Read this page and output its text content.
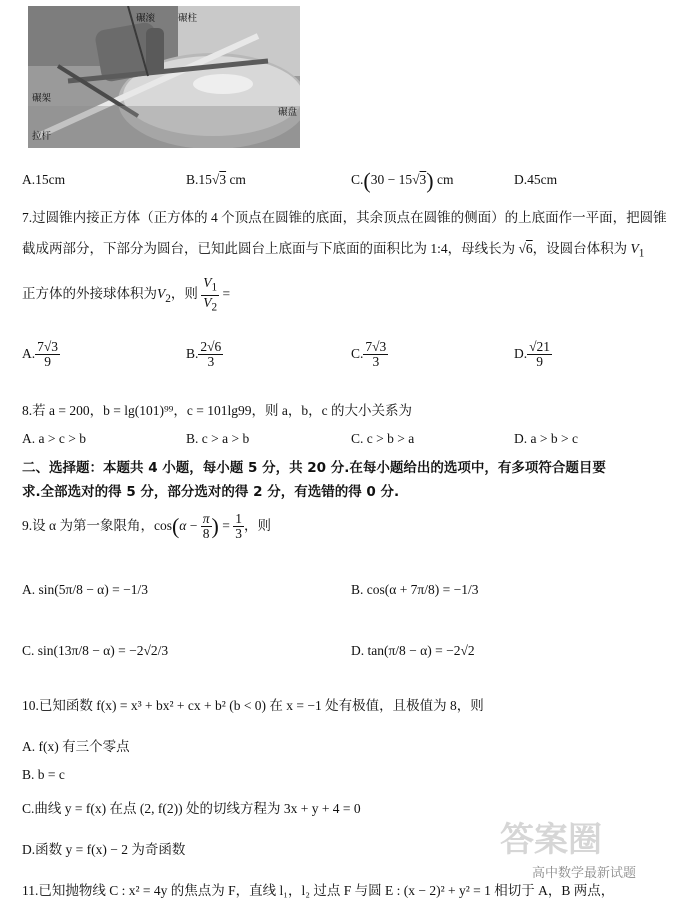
碾滚 碾柱
碾架
拉杆
碾盘
A.15cm	B.15√3 cm	C.(30 − 15√3) cm	D.45cm
7.过圆锥内接正方体（正方体的 4 个顶点在圆锥的底面，其余顶点在圆锥的侧面）的上底面作一平面，把圆锥
截成两部分，下部分为圆台，已知此圆台上底面与下底面的面积比为 1:4，母线长为 √6，设圆台体积为 $V_1$
正方体的外接球体积为$V_2$，则 $\frac{V_1}{V_2}$ =
A. $\frac{7√3}{9}$	B. $\frac{2√6}{3}$	C. $\frac{7√3}{3}$	D. $\frac{√21}{9}$
8.若 a = 200，b = lg(101)⁹⁹，c = 101lg99，则 a，b，c 的大小关系为
A. a > c > b	B. c > a > b	C. c > b > a	D. a > b > c
二、选择题：本题共 4 小题，每小题 5 分，共 20 分.在每小题给出的选项中，有多项符合题目要
求.全部选对的得 5 分，部分选对的得 2 分，有选错的得 0 分.
9.设 α 为第一象限角，$\cos(\alpha - \frac{\pi}{8}$ ) = $\frac{1}{3}$ ，则
A. sin(5π/8 − α) = −1/3	B. cos(α + 7π/8) = −1/3
C. sin(13π/8 − α) = −2√2/3	D. tan(π/8 − α) = −2√2
10.已知函数 f(x) = x³ + bx² + cx + b² (b < 0) 在 x = −1 处有极值，且极值为 8，则
A. f(x) 有三个零点
B. b = c
C.曲线 y = f(x) 在点 (2, f(2)) 处的切线方程为 3x + y + 4 = 0
D.函数 y = f(x) − 2 为奇函数
11.已知抛物线 C : x² = 4y 的焦点为 F，直线 l₁，l₂ 过点 F 与圆 E : (x − 2)² + y² = 1 相切于 A，B 两点，
答案圈
高中数学最新试题
